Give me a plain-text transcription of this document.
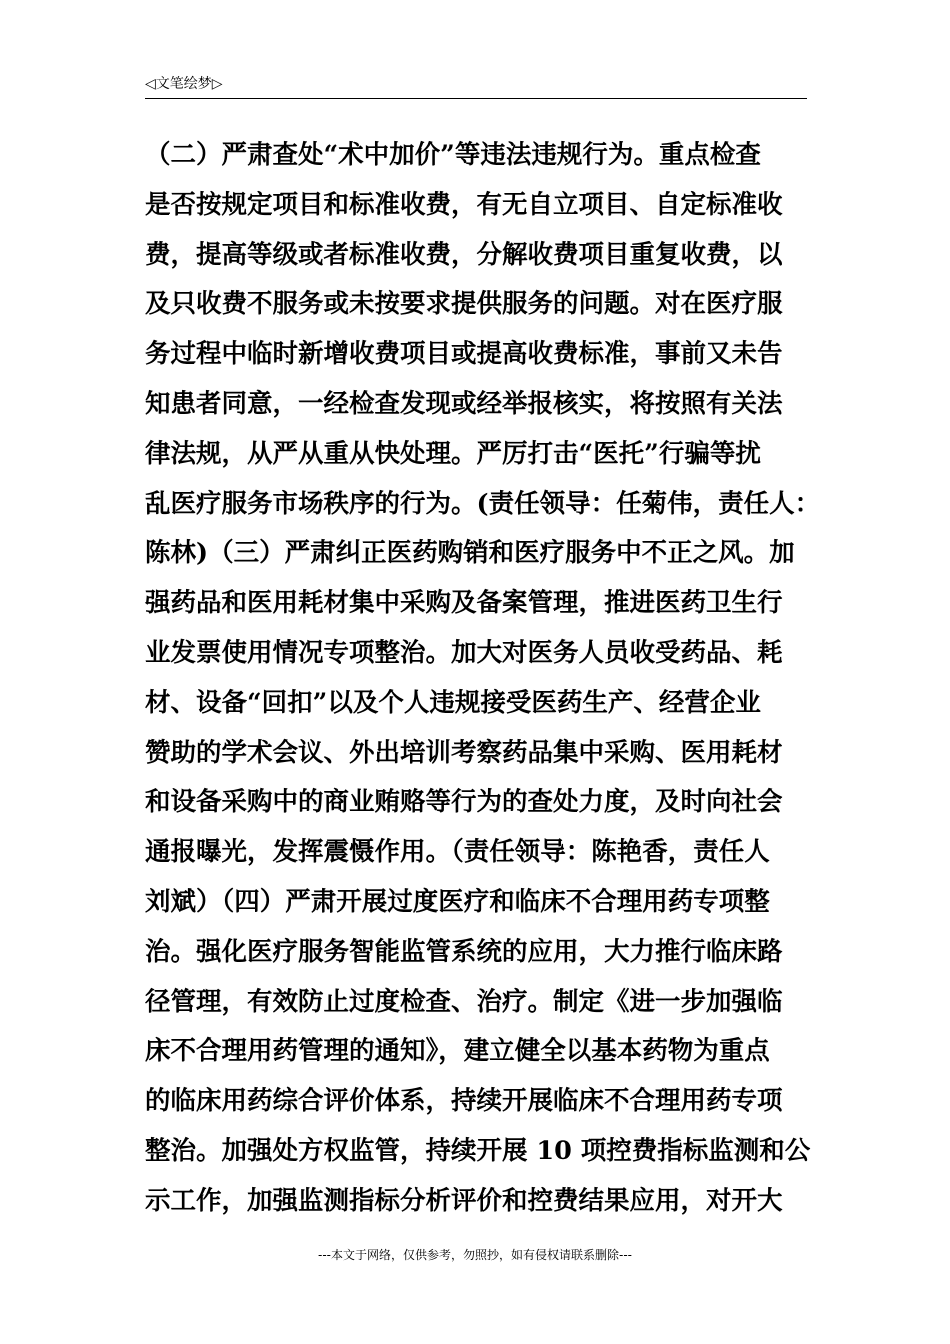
◁文笔绘梦▷
（二）严肃查处“术中加价”等违法违规行为。重点检查
是否按规定项目和标准收费，有无自立项目、自定标准收
费，提高等级或者标准收费，分解收费项目重复收费，以
及只收费不服务或未按要求提供服务的问题。对在医疗服
务过程中临时新增收费项目或提高收费标准，事前又未告
知患者同意，一经检查发现或经举报核实，将按照有关法
律法规，从严从重从快处理。严厉打击“医托”行骗等扰
乱医疗服务市场秩序的行为。(责任领导：任菊伟，责任人：
陈林)（三）严肃纠正医药购销和医疗服务中不正之风。加
强药品和医用耗材集中采购及备案管理，推进医药卫生行
业发票使用情况专项整治。加大对医务人员收受药品、耗
材、设备“回扣”以及个人违规接受医药生产、经营企业
赞助的学术会议、外出培训考察药品集中采购、医用耗材
和设备采购中的商业贿赂等行为的查处力度，及时向社会
通报曝光，发挥震慑作用。（责任领导：陈艳香，责任人
刘斌）（四）严肃开展过度医疗和临床不合理用药专项整
治。强化医疗服务智能监管系统的应用，大力推行临床路
径管理，有效防止过度检查、治疗。制定《进一步加强临
床不合理用药管理的通知》，建立健全以基本药物为重点
的临床用药综合评价体系，持续开展临床不合理用药专项
整治。加强处方权监管，持续开展 10 项控费指标监测和公
示工作，加强监测指标分析评价和控费结果应用，对开大
---本文于网络，仅供参考，勿照抄，如有侵权请联系删除---
